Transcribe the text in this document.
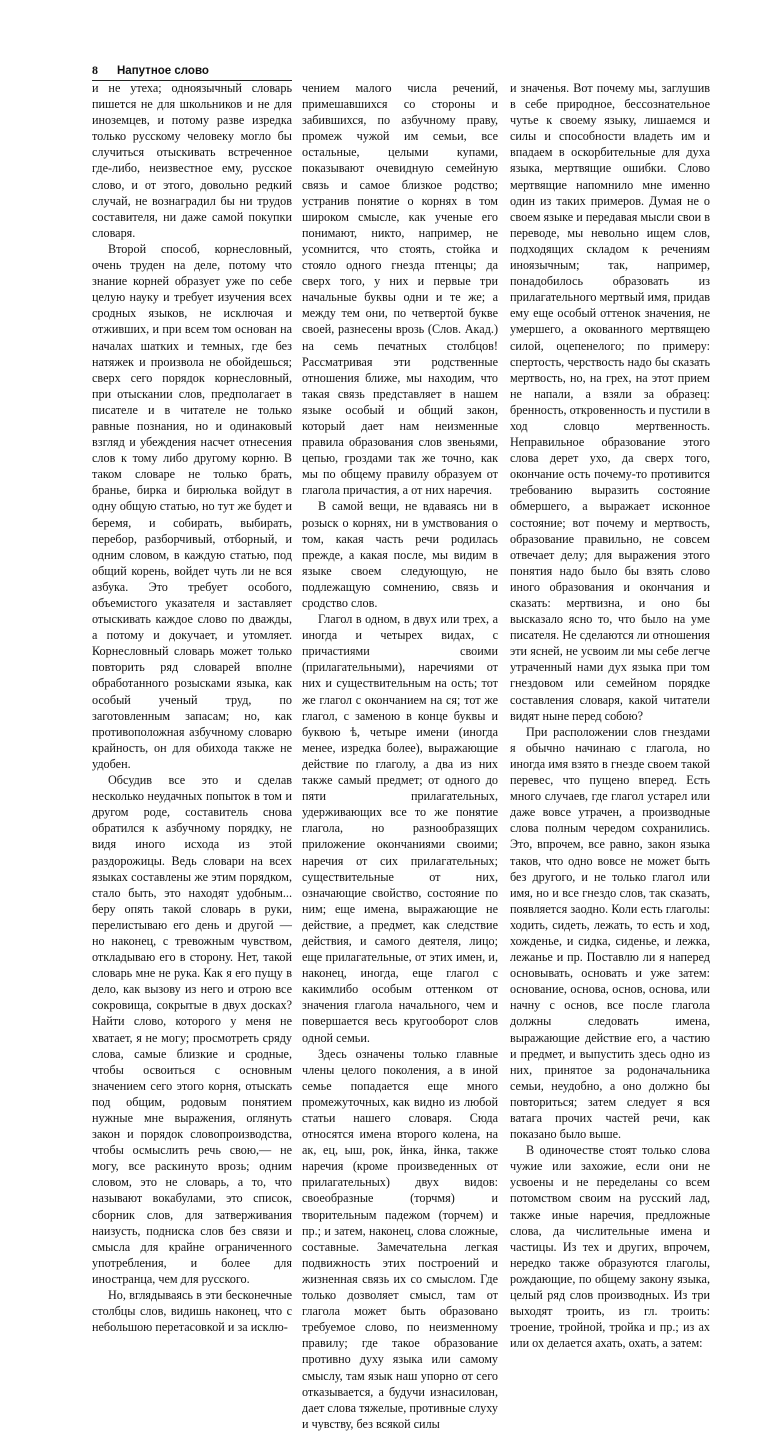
8 Напутное слово

и не утеха; одноязычный словарь пишется не для школьников и не для иноземцев, и потому разве изредка только русскому человеку могло бы случиться отыскивать встреченное где-либо, неизвестное ему, русское слово, и от этого, довольно редкий случай, не вознаградил бы ни трудов составителя, ни даже самой покупки словаря.

Второй способ, корнесловный, очень труден на деле, потому что знание корней образует уже по себе целую науку и требует изучения всех сродных языков, не исключая и отживших, и при всем том основан на началах шатких и темных, где без натяжек и произвола не обойдешься; сверх сего порядок корнесловный, при отыскании слов, предполагает в писателе и в читателе не только равные познания, но и одинаковый взгляд и убеждения насчет отнесения слов к тому либо другому корню. В таком словаре не только брать, бранье, бирка и бирюлька войдут в одну общую статью, но тут же будет и беремя, и собирать, выбирать, перебор, разборчивый, отборный, и одним словом, в каждую статью, под общий корень, войдет чуть ли не вся азбука. Это требует особого, объемистого указателя и заставляет отыскивать каждое слово по дважды, а потому и докучает, и утомляет. Корнесловный словарь может только повторить ряд словарей вполне обработанного розысками языка, как особый ученый труд, по заготовленным запасам; но, как противоположная азбучному словарю крайность, он для обихода также не удобен.

Обсудив все это и сделав несколько неудачных попыток в том и другом роде, составитель снова обратился к азбучному порядку, не видя иного исхода из этой раздорожицы. Ведь словари на всех языках составлены же этим порядком, стало быть, это находят удобным... беру опять такой словарь в руки, перелистываю его день и другой — но наконец, с тревожным чувством, откладываю его в сторону. Нет, такой словарь мне не рука. Как я его пущу в дело, как вызову из него и отрою все сокровища, сокрытые в двух досках? Найти слово, которого у меня не хватает, я не могу; просмотреть сряду слова, самые близкие и сродные, чтобы освоиться с основным значением сего этого корня, отыскать под общим, родовым понятием нужные мне выражения, оглянуть закон и порядок словопроизводства, чтобы осмыслить речь свою,— не могу, все раскинуто врозь; одним словом, это не словарь, а то, что называют вокабулами, это список, сборник слов, для затверживания наизусть, подниска слов без связи и смысла для крайне ограниченного употребления, и более для иностранца, чем для русского.

Но, вглядываясь в эти бесконечные столбцы слов, видишь наконец, что с небольшою перетасовкой и за исклю-

чением малого числа речений, примешавшихся со стороны и забившихся, по азбучному праву, промеж чужой им семьи, все остальные, целыми купами, показывают очевидную семейную связь и самое близкое родство; устранив понятие о корнях в том широком смысле, как ученые его понимают, никто, например, не усомнится, что стоять, стойка и стояло одного гнезда птенцы; да сверх того, у них и первые три начальные буквы одни и те же; а между тем они, по четвертой букве своей, разнесены врозь (Слов. Акад.) на семь печатных столбцов! Рассматривая эти родственные отношения ближе, мы находим, что такая связь представляет в нашем языке особый и общий закон, который дает нам неизменные правила образования слов звеньями, цепью, гроздами так же точно, как мы по общему правилу образуем от глагола причастия, а от них наречия.

В самой вещи, не вдаваясь ни в розыск о корнях, ни в умствования о том, какая часть речи родилась прежде, а какая после, мы видим в языке своем следующую, не подлежащую сомнению, связь и сродство слов.

Глагол в одном, в двух или трех, а иногда и четырех видах, с причастиями своими (прилагательными), наречиями от них и существительным на ость; тот же глагол с окончанием на ся; тот же глагол, с заменою в конце буквы и буквою ѣ, четыре имени (иногда менее, изредка более), выражающие действие по глаголу, а два из них также самый предмет; от одного до пяти прилагательных, удерживающих все то же понятие глагола, но разнообразящих приложение окончаниями своими; наречия от сих прилагательных; существительные от них, означающие свойство, состояние по ним; еще имена, выражающие не действие, а предмет, как следствие действия, и самого деятеля, лицо; еще прилагательные, от этих имен, и, наконец, иногда, еще глагол с какимлибо особым оттенком от значения глагола начального, чем и повершается весь кругооборот слов одной семьи.

Здесь означены только главные члены целого поколения, а в иной семье попадается еще много промежуточных, как видно из любой статьи нашего словаря. Сюда относятся имена второго колена, на ак, ец, ыш, рок, йнка, йнка, также наречия (кроме произведенных от прилагательных) двух видов: своеобразные (торчмя) и творительным падежом (торчем) и пр.; и затем, наконец, слова сложные, составные. Замечательна легкая подвижность этих построений и жизненная связь их со смыслом. Где только дозволяет смысл, там от глагола может быть образовано требуемое слово, по неизменному правилу; где такое образование противно духу языка или самому смыслу, там язык наш упорно от сего отказывается, а будучи изнасилован, дает слова тяжелые, противные слуху и чувству, без всякой силы

и значенья. Вот почему мы, заглушив в себе природное, бессознательное чутье к своему языку, лишаемся и силы и способности владеть им и впадаем в оскорбительные для духа языка, мертвящие ошибки. Слово мертвящие напомнило мне именно один из таких примеров. Думая не о своем языке и передавая мысли свои в переводе, мы невольно ищем слов, подходящих складом к речениям иноязычным; так, например, понадобилось образовать из прилагательного мертвый имя, придав ему еще особый оттенок значения, не умершего, а окованного мертвящею силой, оцепенелого; по примеру: спертость, черствость надо бы сказать мертвость, но, на грех, на этот прием не напали, а взяли за образец: бренность, откровенность и пустили в ход словцо мертвенность. Неправильное образование этого слова дерет ухо, да сверх того, окончание ость почему-то противится требованию выразить состояние обмершего, а выражает исконное состояние; вот почему и мертвость, образование правильно, не совсем отвечает делу; для выражения этого понятия надо было бы взять слово иного образования и окончания и сказать: мертвизна, и оно бы высказало ясно то, что было на уме писателя. Не сделаются ли отношения эти ясней, не усвоим ли мы себе легче утраченный нами дух языка при том гнездовом или семейном порядке составления словаря, какой читатели видят ныне перед собою?

При расположении слов гнездами я обычно начинаю с глагола, но иногда имя взято в гнезде своем такой перевес, что пущено вперед. Есть много случаев, где глагол устарел или даже вовсе утрачен, а производные слова полным чередом сохранились. Это, впрочем, все равно, закон языка таков, что одно вовсе не может быть без другого, и не только глагол или имя, но и все гнездо слов, так сказать, появляется заодно. Коли есть глаголы: ходить, сидеть, лежать, то есть и ход, хожденье, и сидка, сиденье, и лежка, лежанье и пр. Поставлю ли я наперед основывать, основать и уже затем: основание, основа, основ, основа, или начну с основ, все после глагола должны следовать имена, выражающие действие его, а частию и предмет, и выпустить здесь одно из них, принятое за родоначальника семьи, неудобно, а оно должно бы повториться; затем следует я вся ватага прочих частей речи, как показано было выше.

В одиночестве стоят только слова чужие или захожие, если они не усвоены и не переделаны со всем потомством своим на русский лад, также иные наречия, предложные слова, да числительные имена и частицы. Из тех и других, впрочем, нередко также образуются глаголы, рождающие, по общему закону языка, целый ряд слов производных. Из три выходят троить, из гл. троить: троение, тройной, тройка и пр.; из ах или ох делается ахать, охать, а затем:
